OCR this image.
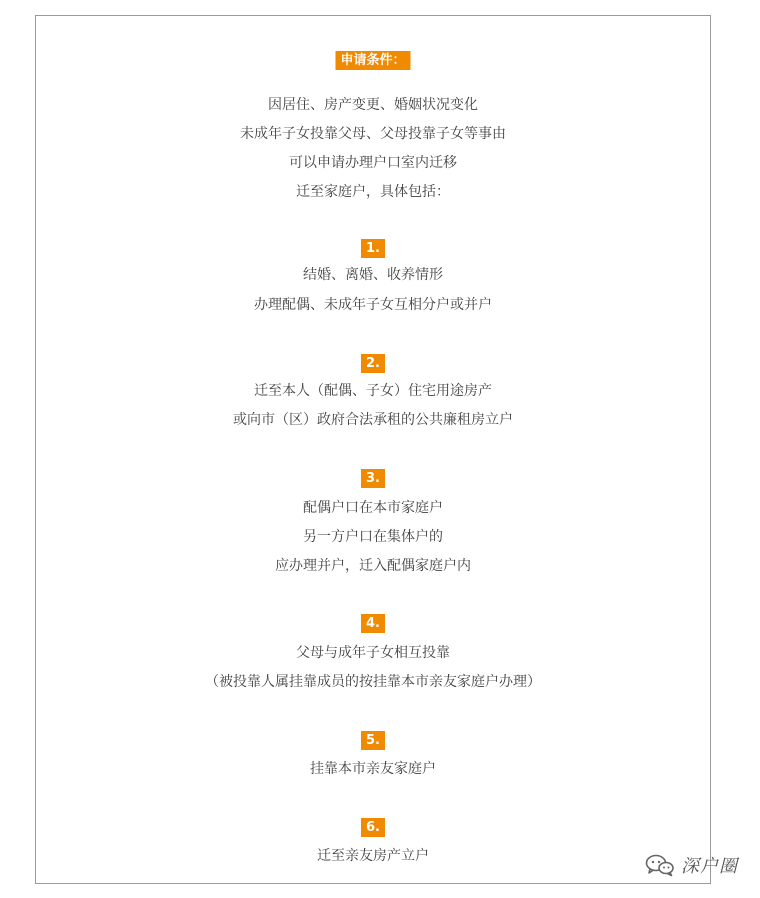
申请条件：
因居住、房产变更、婚姻状况变化
未成年子女投靠父母、父母投靠子女等事由
可以申请办理户口室内迁移
迁至家庭户，具体包括：
1.
结婚、离婚、收养情形
办理配偶、未成年子女互相分户或并户
2.
迁至本人（配偶、子女）住宅用途房产
或向市（区）政府合法承租的公共廉租房立户
3.
配偶户口在本市家庭户
另一方户口在集体户的
应办理并户，迁入配偶家庭户内
4.
父母与成年子女相互投靠
（被投靠人属挂靠成员的按挂靠本市亲友家庭户办理）
5.
挂靠本市亲友家庭户
6.
迁至亲友房产立户	深户圈
